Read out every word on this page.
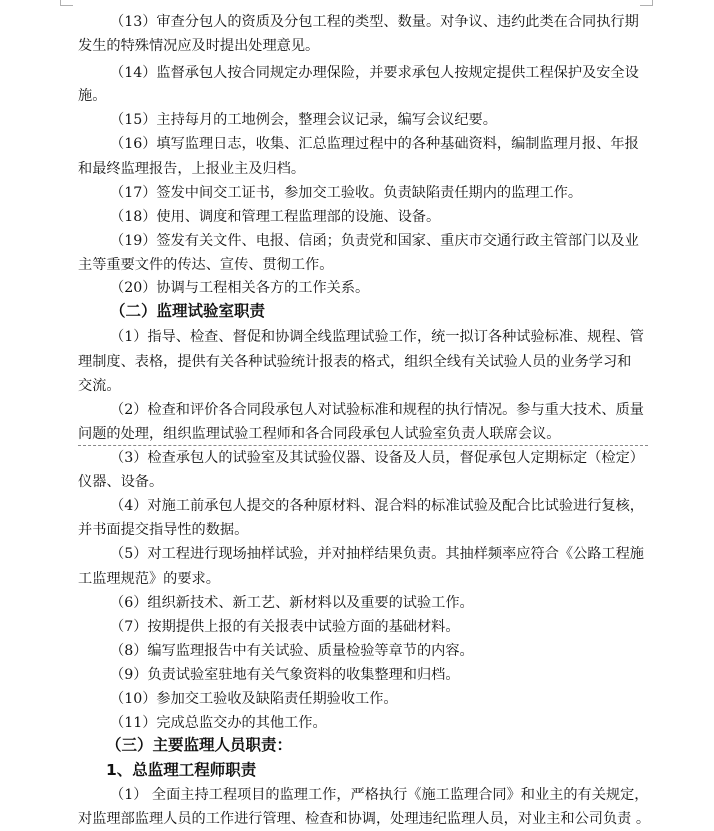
（13）审查分包人的资质及分包工程的类型、数量。对争议、违约此类在合同执行期
发生的特殊情况应及时提出处理意见。
（14）监督承包人按合同规定办理保险，并要求承包人按规定提供工程保护及安全设
施。
（15）主持每月的工地例会，整理会议记录，编写会议纪要。
（16）填写监理日志，收集、汇总监理过程中的各种基础资料，编制监理月报、年报
和最终监理报告，上报业主及归档。
（17）签发中间交工证书，参加交工验收。负责缺陷责任期内的监理工作。
（18）使用、调度和管理工程监理部的设施、设备。
（19）签发有关文件、电报、信函；负责党和国家、重庆市交通行政主管部门以及业
主等重要文件的传达、宣传、贯彻工作。
（20）协调与工程相关各方的工作关系。
（二）监理试验室职责
（1）指导、检查、督促和协调全线监理试验工作，统一拟订各种试验标准、规程、管
理制度、表格，提供有关各种试验统计报表的格式，组织全线有关试验人员的业务学习和
交流。
（2）检查和评价各合同段承包人对试验标准和规程的执行情况。参与重大技术、质量
问题的处理，组织监理试验工程师和各合同段承包人试验室负责人联席会议。
（3）检查承包人的试验室及其试验仪器、设备及人员，督促承包人定期标定（检定）
仪器、设备。
（4）对施工前承包人提交的各种原材料、混合料的标准试验及配合比试验进行复核，
并书面提交指导性的数据。
（5）对工程进行现场抽样试验，并对抽样结果负责。其抽样频率应符合《公路工程施
工监理规范》的要求。
（6）组织新技术、新工艺、新材料以及重要的试验工作。
（7）按期提供上报的有关报表中试验方面的基础材料。
（8）编写监理报告中有关试验、质量检验等章节的内容。
（9）负责试验室驻地有关气象资料的收集整理和归档。
（10）参加交工验收及缺陷责任期验收工作。
（11）完成总监交办的其他工作。
（三）主要监理人员职责：
1、总监理工程师职责
（1） 全面主持工程项目的监理工作，严格执行《施工监理合同》和业主的有关规定，
对监理部监理人员的工作进行管理、检查和协调，处理违纪监理人员，对业主和公司负责 。
